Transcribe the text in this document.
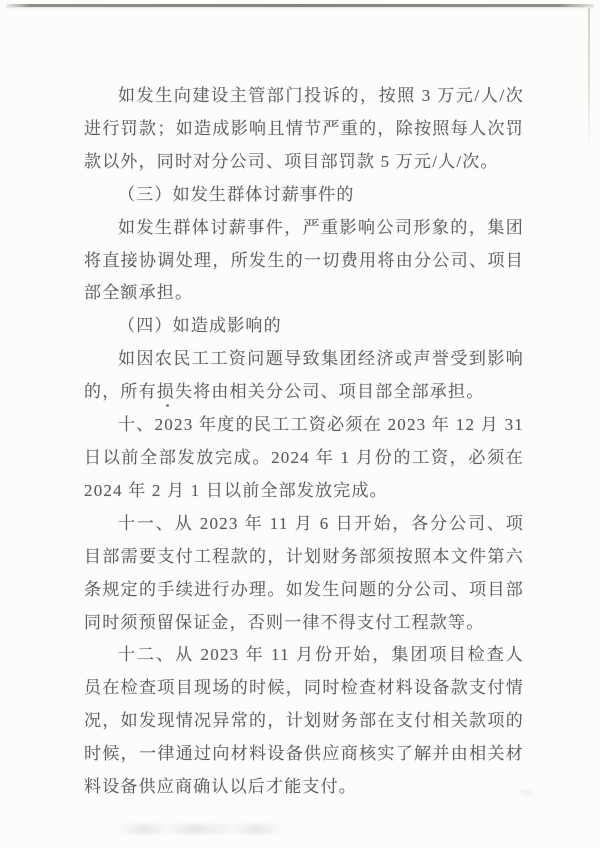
如发生向建设主管部门投诉的，按照 3 万元/人/次进行罚款；如造成影响且情节严重的，除按照每人次罚款以外，同时对分公司、项目部罚款 5 万元/人/次。

（三）如发生群体讨薪事件的

如发生群体讨薪事件，严重影响公司形象的，集团将直接协调处理，所发生的一切费用将由分公司、项目部全额承担。

（四）如造成影响的

如因农民工工资问题导致集团经济或声誉受到影响的，所有损失将由相关分公司、项目部全部承担。

十、2023 年度的民工工资必须在 2023 年 12 月 31 日以前全部发放完成。2024 年 1 月份的工资，必须在 2024 年 2 月 1 日以前全部发放完成。

十一、从 2023 年 11 月 6 日开始，各分公司、项目部需要支付工程款的，计划财务部须按照本文件第六条规定的手续进行办理。如发生问题的分公司、项目部同时须预留保证金，否则一律不得支付工程款等。

十二、从 2023 年 11 月份开始，集团项目检查人员在检查项目现场的时候，同时检查材料设备款支付情况，如发现情况异常的，计划财务部在支付相关款项的时候，一律通过向材料设备供应商核实了解并由相关材料设备供应商确认以后才能支付。
